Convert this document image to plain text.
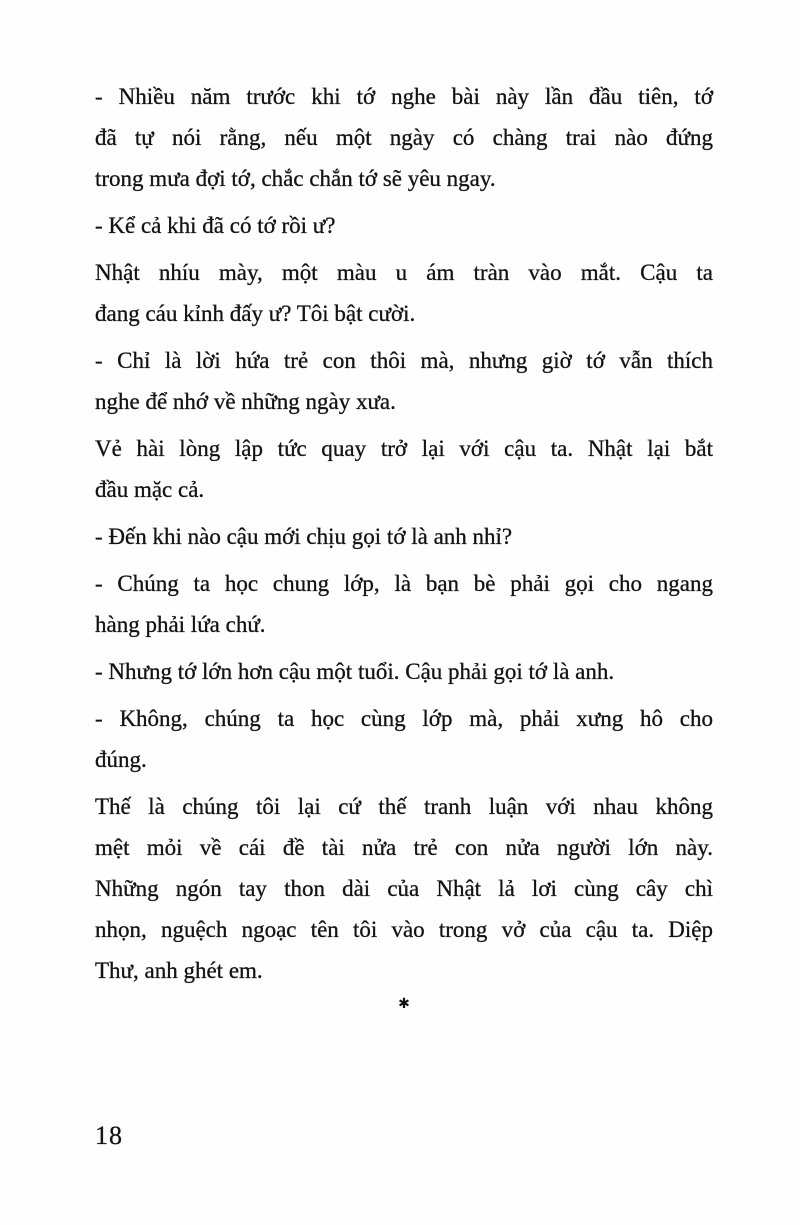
- Nhiều năm trước khi tớ nghe bài này lần đầu tiên, tớ
đã tự nói rằng, nếu một ngày có chàng trai nào đứng
trong mưa đợi tớ, chắc chắn tớ sẽ yêu ngay.

- Kể cả khi đã có tớ rồi ư?

Nhật nhíu mày, một màu u ám tràn vào mắt. Cậu ta
đang cáu kỉnh đấy ư? Tôi bật cười.

- Chỉ là lời hứa trẻ con thôi mà, nhưng giờ tớ vẫn thích
nghe để nhớ về những ngày xưa.

Vẻ hài lòng lập tức quay trở lại với cậu ta. Nhật lại bắt
đầu mặc cả.

- Đến khi nào cậu mới chịu gọi tớ là anh nhỉ?

- Chúng ta học chung lớp, là bạn bè phải gọi cho ngang
hàng phải lứa chứ.

- Nhưng tớ lớn hơn cậu một tuổi. Cậu phải gọi tớ là anh.

- Không, chúng ta học cùng lớp mà, phải xưng hô cho
đúng.

Thế là chúng tôi lại cứ thế tranh luận với nhau không
mệt mỏi về cái đề tài nửa trẻ con nửa người lớn này.
Những ngón tay thon dài của Nhật lả lơi cùng cây chì
nhọn, nguệch ngoạc tên tôi vào trong vở của cậu ta. Diệp
Thư, anh ghét em.

✱
18
